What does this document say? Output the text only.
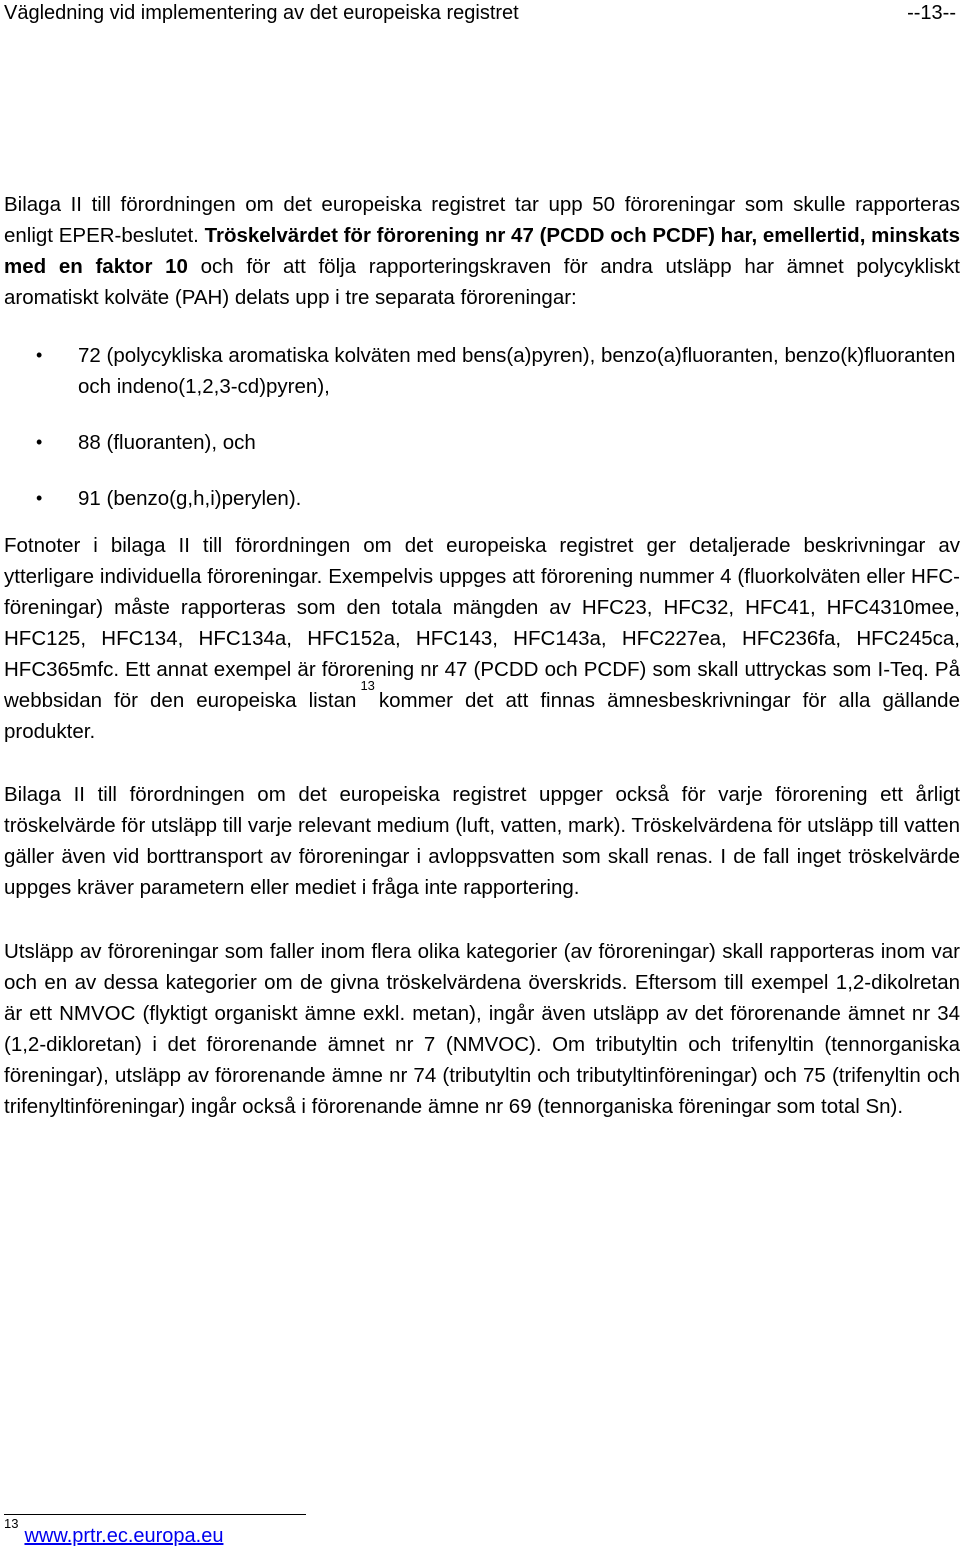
Vägledning vid implementering av det europeiska registret	--13--

Bilaga II till förordningen om det europeiska registret tar upp 50 föroreningar som skulle rapporteras enligt EPER-beslutet. Tröskelvärdet för förorening nr 47 (PCDD och PCDF) har, emellertid, minskats med en faktor 10 och för att följa rapporteringskraven för andra utsläpp har ämnet polycykliskt aromatiskt kolväte (PAH) delats upp i tre separata föroreningar:

• 72 (polycykliska aromatiska kolväten med bens(a)pyren), benzo(a)fluoranten, benzo(k)fluoranten och indeno(1,2,3-cd)pyren),
• 88 (fluoranten), och
• 91 (benzo(g,h,i)perylen).

Fotnoter i bilaga II till förordningen om det europeiska registret ger detaljerade beskrivningar av ytterligare individuella föroreningar. Exempelvis uppges att förorening nummer 4 (fluorkolväten eller HFC-föreningar) måste rapporteras som den totala mängden av HFC23, HFC32, HFC41, HFC4310mee, HFC125, HFC134, HFC134a, HFC152a, HFC143, HFC143a, HFC227ea, HFC236fa, HFC245ca, HFC365mfc. Ett annat exempel är förorening nr 47 (PCDD och PCDF) som skall uttryckas som I-Teq. På webbsidan för den europeiska listan$^{13}$kommer det att finnas ämnesbeskrivningar för alla gällande produkter.

Bilaga II till förordningen om det europeiska registret uppger också för varje förorening ett årligt tröskelvärde för utsläpp till varje relevant medium (luft, vatten, mark). Tröskelvärdena för utsläpp till vatten gäller även vid borttransport av föroreningar i avloppsvatten som skall renas. I de fall inget tröskelvärde uppges kräver parametern eller mediet i fråga inte rapportering.

Utsläpp av föroreningar som faller inom flera olika kategorier (av föroreningar) skall rapporteras inom var och en av dessa kategorier om de givna tröskelvärdena överskrids. Eftersom till exempel 1,2-dikolretan är ett NMVOC (flyktigt organiskt ämne exkl. metan), ingår även utsläpp av det förorenande ämnet nr 34 (1,2-dikloretan) i det förorenande ämnet nr 7 (NMVOC). Om tributyltin och trifenyltin (tennorganiska föreningar), utsläpp av förorenande ämne nr 74 (tributyltin och tributyltinföreningar) och 75 (trifenyltin och trifenyltinföreningar) ingår också i förorenande ämne nr 69 (tennorganiska föreningar som total Sn).

$^{13}$www.prtr.ec.europa.eu
